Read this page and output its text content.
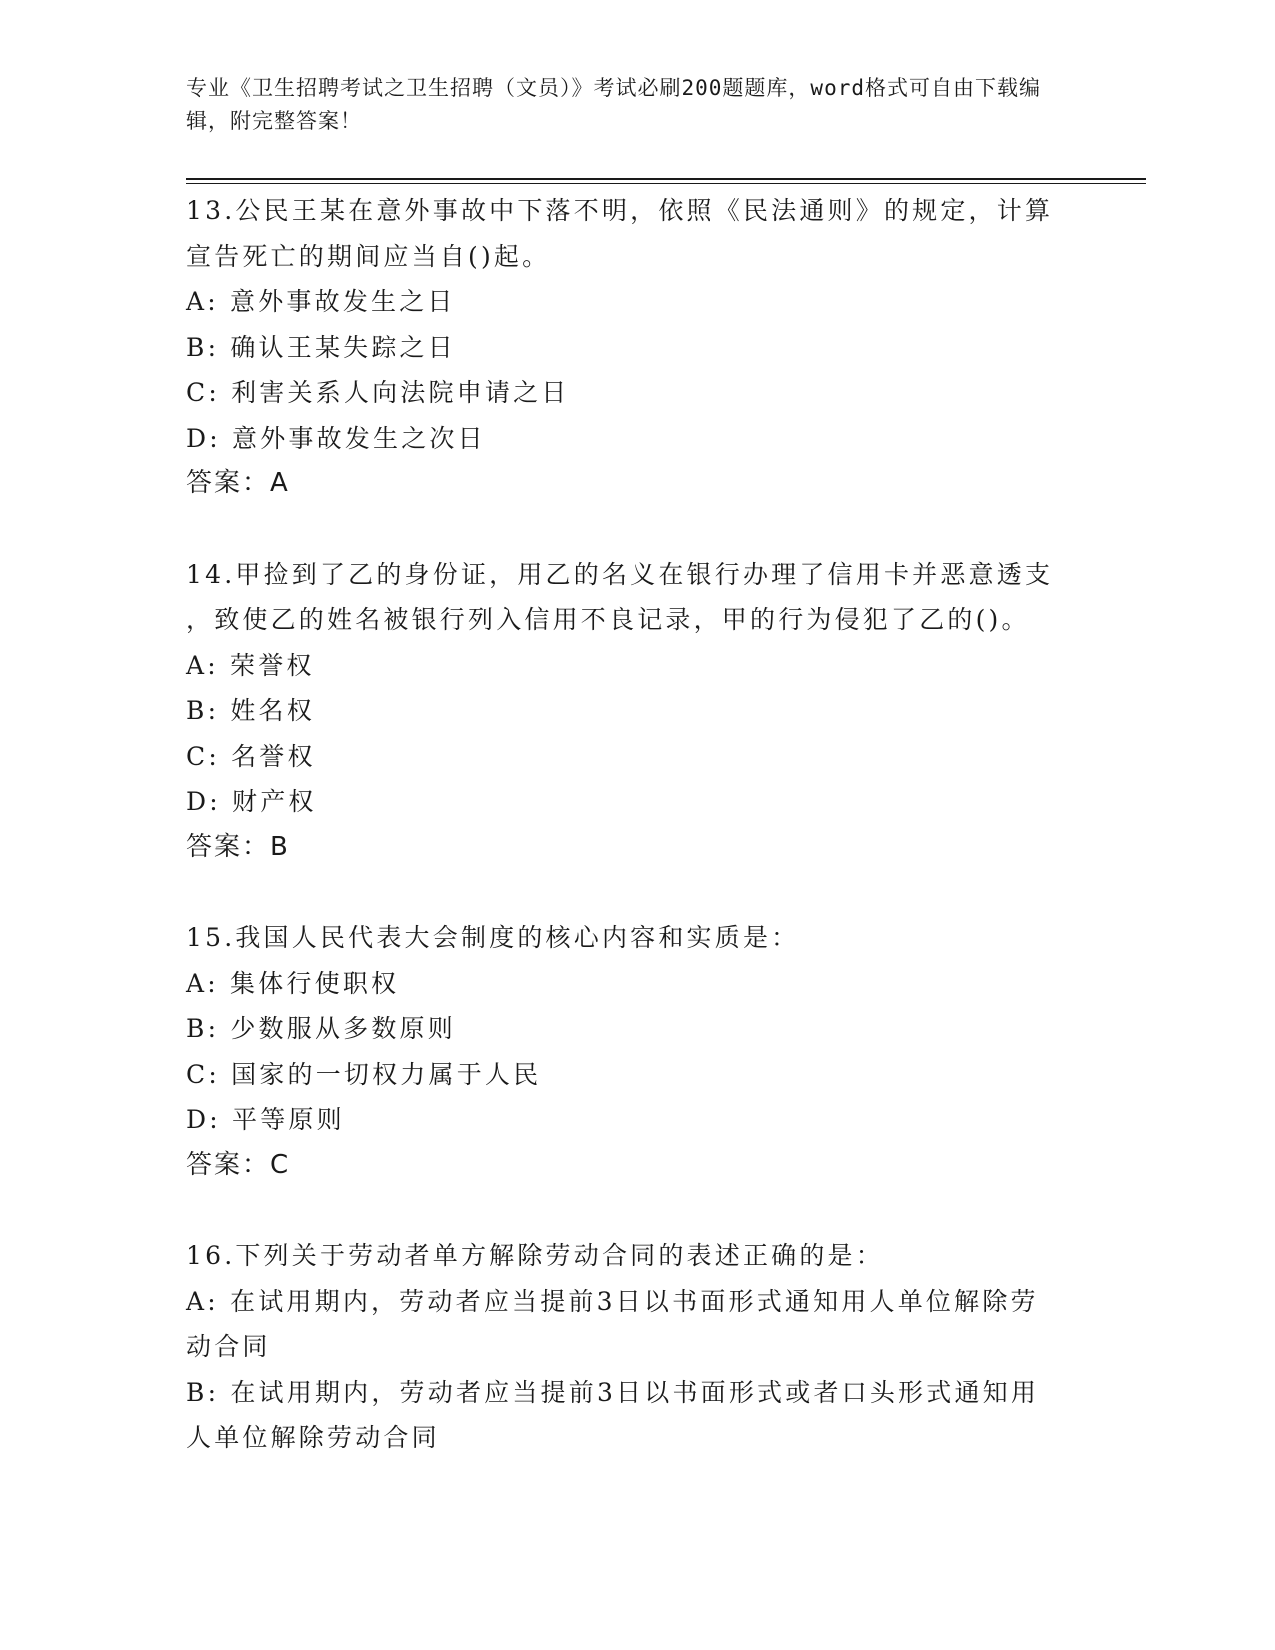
专业《卫生招聘考试之卫生招聘（文员）》考试必刷200题题库，word格式可自由下载编辑，附完整答案！
13.公民王某在意外事故中下落不明，依照《民法通则》的规定，计算
宣告死亡的期间应当自()起。
A: 意外事故发生之日
B: 确认王某失踪之日
C: 利害关系人向法院申请之日
D: 意外事故发生之次日
答案：A
14.甲捡到了乙的身份证，用乙的名义在银行办理了信用卡并恶意透支
，致使乙的姓名被银行列入信用不良记录，甲的行为侵犯了乙的()。
A: 荣誉权
B: 姓名权
C: 名誉权
D: 财产权
答案：B
15.我国人民代表大会制度的核心内容和实质是：
A: 集体行使职权
B: 少数服从多数原则
C: 国家的一切权力属于人民
D: 平等原则
答案：C
16.下列关于劳动者单方解除劳动合同的表述正确的是：
A: 在试用期内，劳动者应当提前3日以书面形式通知用人单位解除劳
动合同
B: 在试用期内，劳动者应当提前3日以书面形式或者口头形式通知用
人单位解除劳动合同
